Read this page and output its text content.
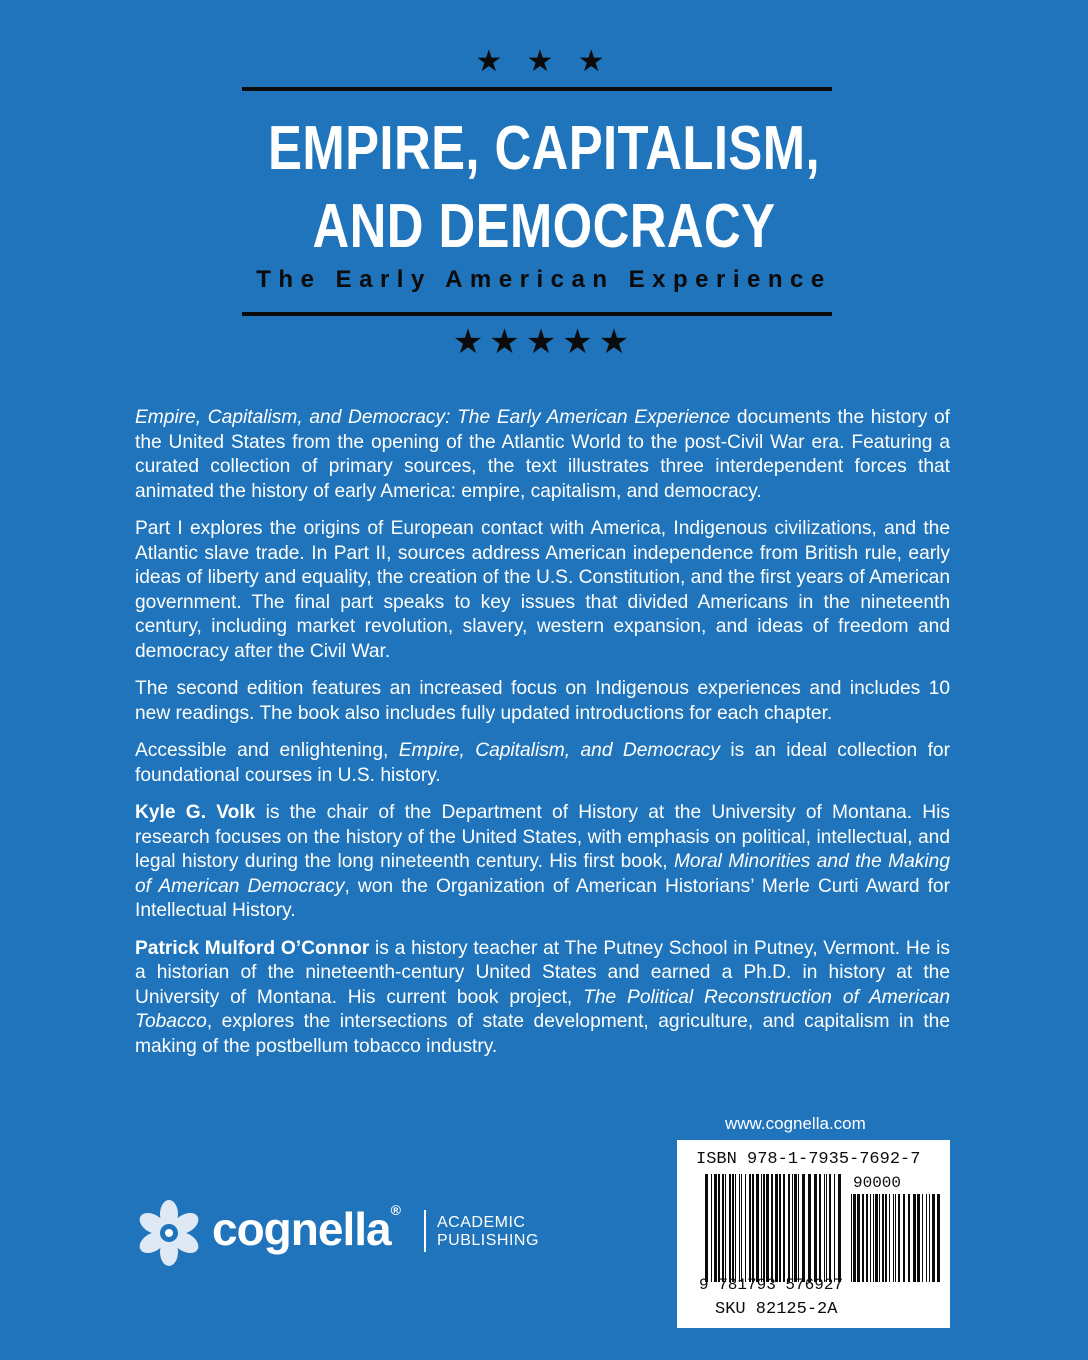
★ ★ ★
EMPIRE, CAPITALISM,
AND DEMOCRACY
The Early American Experience
★★★★★

Empire, Capitalism, and Democracy: The Early American Experience documents the history of the United States from the opening of the Atlantic World to the post-Civil War era. Featuring a curated collection of primary sources, the text illustrates three interdependent forces that animated the history of early America: empire, capitalism, and democracy.

Part I explores the origins of European contact with America, Indigenous civilizations, and the Atlantic slave trade. In Part II, sources address American independence from British rule, early ideas of liberty and equality, the creation of the U.S. Constitution, and the first years of American government. The final part speaks to key issues that divided Americans in the nineteenth century, including market revolution, slavery, western expansion, and ideas of freedom and democracy after the Civil War.

The second edition features an increased focus on Indigenous experiences and includes 10 new readings. The book also includes fully updated introductions for each chapter.

Accessible and enlightening, Empire, Capitalism, and Democracy is an ideal collection for foundational courses in U.S. history.

Kyle G. Volk is the chair of the Department of History at the University of Montana. His research focuses on the history of the United States, with emphasis on political, intellectual, and legal history during the long nineteenth century. His first book, Moral Minorities and the Making of American Democracy, won the Organization of American Historians’ Merle Curti Award for Intellectual History.

Patrick Mulford O’Connor is a history teacher at The Putney School in Putney, Vermont. He is a historian of the nineteenth-century United States and earned a Ph.D. in history at the University of Montana. His current book project, The Political Reconstruction of American Tobacco, explores the intersections of state development, agriculture, and capitalism in the making of the postbellum tobacco industry.

www.cognella.com
ISBN 978-1-7935-7692-7
90000
9 781793 576927
SKU 82125-2A
cognella®
ACADEMIC
PUBLISHING
